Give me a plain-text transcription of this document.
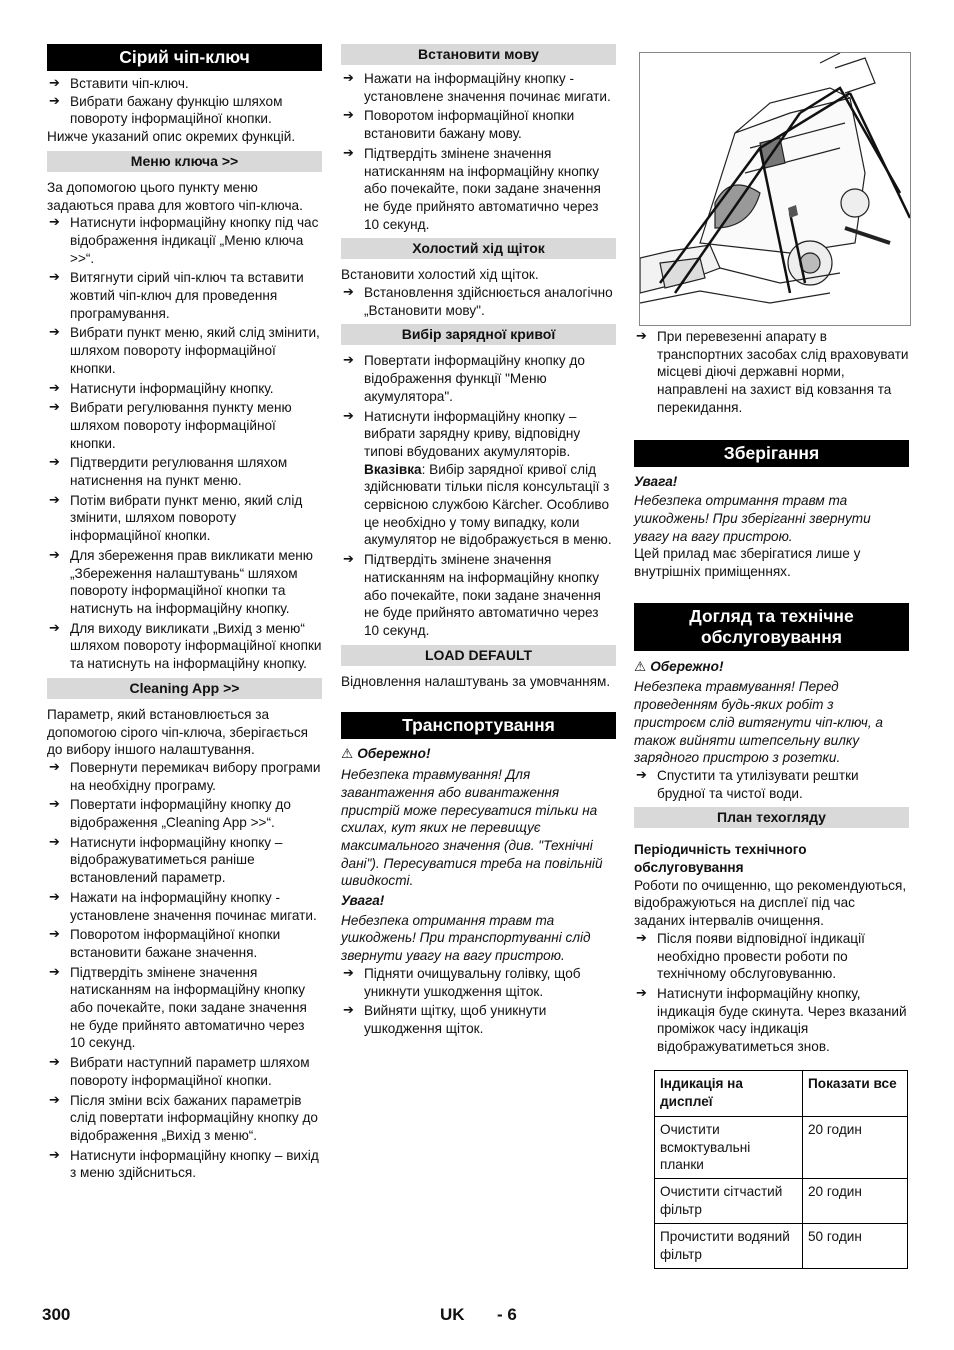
Сірий чіп-ключ
➔ Вставити чіп-ключ.
➔ Вибрати бажану функцію шляхом повороту інформаційної кнопки.
Нижче указаний опис окремих функцій.
Меню ключа >>
За допомогою цього пункту меню задаються права для жовтого чіп-ключа.
➔ Натиснути інформаційну кнопку під час відображення індикації „Меню ключа >>“.
➔ Витягнути сірий чіп-ключ та вставити жовтий чіп-ключ для проведення програмування.
➔ Вибрати пункт меню, який слід змінити, шляхом повороту інформаційної кнопки.
➔ Натиснути інформаційну кнопку.
➔ Вибрати регулювання пункту меню шляхом повороту інформаційної кнопки.
➔ Підтвердити регулювання шляхом натиснення на пункт меню.
➔ Потім вибрати пункт меню, який слід змінити, шляхом повороту інформаційної кнопки.
➔ Для збереження прав викликати меню „Збереження налаштувань“ шляхом повороту інформаційної кнопки та натиснуть на інформаційну кнопку.
➔ Для виходу викликати „Вихід з меню“ шляхом повороту інформаційної кнопки та натиснуть на інформаційну кнопку.
Cleaning App >>
Параметр, який встановлюється за допомогою сірого чіп-ключа, зберігається до вибору іншого налаштування.
➔ Повернути перемикач вибору програми на необхідну програму.
➔ Повертати інформаційну кнопку до відображення „Cleaning App >>“.
➔ Натиснути інформаційну кнопку – відображуватиметься раніше встановлений параметр.
➔ Нажати на інформаційну кнопку - установлене значення починає мигати.
➔ Поворотом інформаційної кнопки встановити бажане значення.
➔ Підтвердіть змінене значення натисканням на інформаційну кнопку або почекайте, поки задане значення не буде прийнято автоматично через 10 секунд.
➔ Вибрати наступний параметр шляхом повороту інформаційної кнопки.
➔ Після зміни всіх бажаних параметрів слід повертати інформаційну кнопку до відображення „Вихід з меню“.
➔ Натиснути інформаційну кнопку – вихід з меню здійсниться.
Встановити мову
➔ Нажати на інформаційну кнопку - установлене значення починає мигати.
➔ Поворотом інформаційної кнопки встановити бажану мову.
➔ Підтвердіть змінене значення натисканням на інформаційну кнопку або почекайте, поки задане значення не буде прийнято автоматично через 10 секунд.
Холостий хід щіток
Встановити холостий хід щіток.
➔ Встановлення здійснюється аналогічно „Встановити мову".
Вибір зарядної кривої
➔ Повертати інформаційну кнопку до відображення функції "Меню акумулятора".
➔ Натиснути інформаційну кнопку – вибрати зарядну криву, відповідну типові вбудованих акумуляторів.
Вказівка: Вибір зарядної кривої слід здійснювати тільки після консультації з сервісною службою Kärcher. Особливо це необхідно у тому випадку, коли акумулятор не відображується в меню.
➔ Підтвердіть змінене значення натисканням на інформаційну кнопку або почекайте, поки задане значення не буде прийнято автоматично через 10 секунд.
LOAD DEFAULT
Відновлення налаштувань за умовчанням.
Транспортування
⚠ Обережно!
Небезпека травмування! Для завантаження або вивантаження пристрій може пересуватися тільки на схилах, кут яких не перевищує максимального значення (див. "Технічні дані"). Пересуватися треба на повільній швидкості.
Увага!
Небезпека отримання травм та ушкоджень! При транспортуванні слід звернути увагу на вагу пристрою.
➔ Підняти очищувальну голівку, щоб уникнути ушкодження щіток.
➔ Вийняти щітку, щоб уникнути ушкодження щіток.
➔ При перевезенні апарату в транспортних засобах слід враховувати місцеві діючі державні норми, направлені на захист від ковзання та перекидання.
Зберігання
Увага!
Небезпека отримання травм та ушкоджень! При зберіганні звернути увагу на вагу пристрою.
Цей прилад має зберігатися лише у внутрішніх приміщеннях.
Догляд та технічне обслуговування
⚠ Обережно!
Небезпека травмування! Перед проведенням будь-яких робіт з пристроєм слід витягнути чіп-ключ, а також вийняти штепсельну вилку зарядного пристрою з розетки.
➔ Спустити та утилізувати рештки брудної та чистої води.
План техогляду
Періодичність технічного обслуговування
Роботи по очищенню, що рекомендуються, відображуються на дисплеї під час заданих інтервалів очищення.
➔ Після появи відповідної індикації необхідно провести роботи по технічному обслуговуванню.
➔ Натиснути інформаційну кнопку, індикація буде скинута. Через вказаний проміжок часу індикація відображуватиметься знов.
Індикація на дисплеї	Показати все
Очистити всмоктувальні планки	20 годин
Очистити сітчастий фільтр	20 годин
Прочистити водяний фільтр	50 годин
300	UK - 6
